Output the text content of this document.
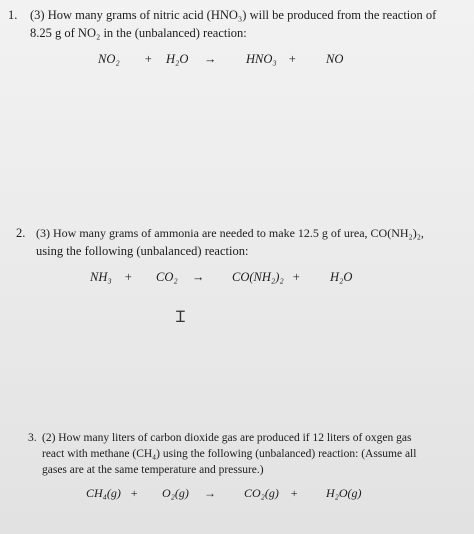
1. (3) How many grams of nitric acid (HNO₃) will be produced from the reaction of
8.25 g of NO₂ in the (unbalanced) reaction:
NO₂ + H₂O → HNO₃ + NO
2. (3) How many grams of ammonia are needed to make 12.5 g of urea, CO(NH₂)₂,
using the following (unbalanced) reaction:
NH₃ + CO₂ → CO(NH₂)₂ + H₂O
Ɪ
3. (2) How many liters of carbon dioxide gas are produced if 12 liters of oxgen gas
react with methane (CH₄) using the following (unbalanced) reaction: (Assume all
gases are at the same temperature and pressure.)
CH₄(g) + O₂(g) → CO₂(g) + H₂O(g)
